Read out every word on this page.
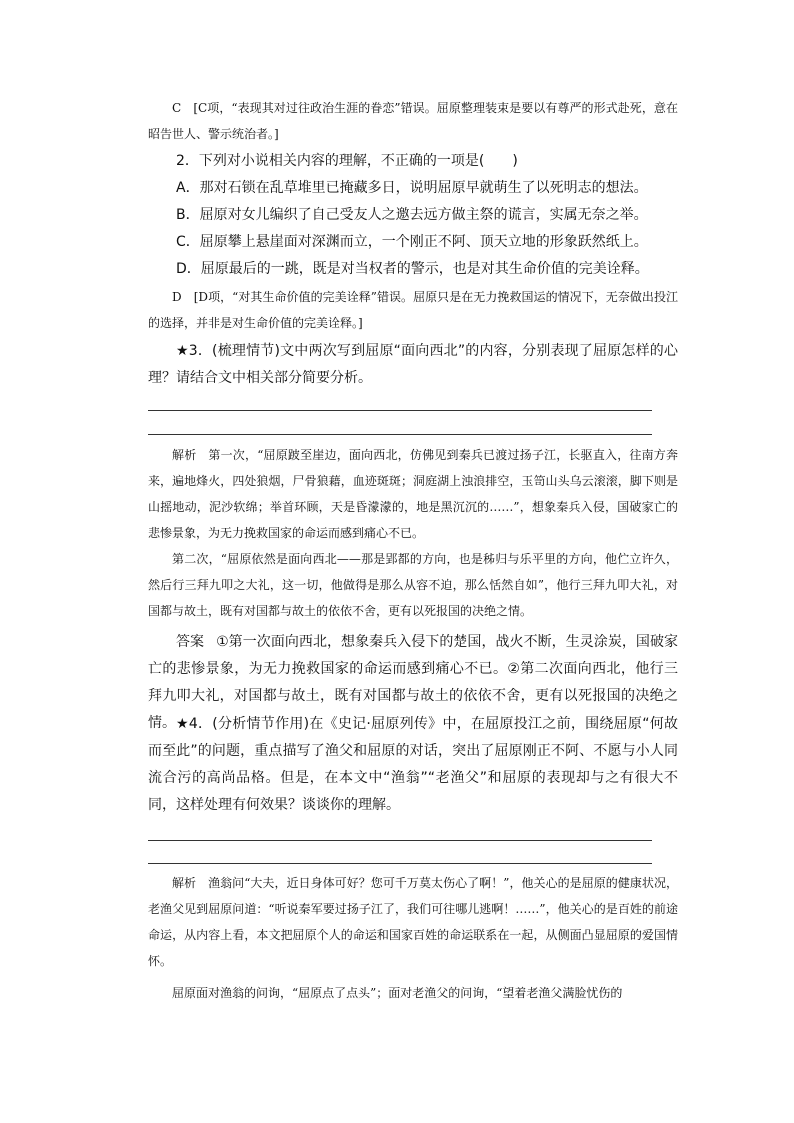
C　 [C项，“表现其对过往政治生涯的眷恋”错误。屈原整理装束是要以有尊严的形式赴死，意在昭告世人、警示统治者。]

2．下列对小说相关内容的理解，不正确的一项是(　　)

A．那对石锁在乱草堆里已掩藏多日，说明屈原早就萌生了以死明志的想法。

B．屈原对女儿编织了自己受友人之邀去远方做主祭的谎言，实属无奈之举。

C．屈原攀上悬崖面对深渊而立，一个刚正不阿、顶天立地的形象跃然纸上。

D．屈原最后的一跳，既是对当权者的警示，也是对其生命价值的完美诠释。

D　 [D项，“对其生命价值的完美诠释”错误。屈原只是在无力挽救国运的情况下，无奈做出投江的选择，并非是对生命价值的完美诠释。]

★3．(梳理情节)文中两次写到屈原“面向西北”的内容，分别表现了屈原怎样的心理？请结合文中相关部分简要分析。

解析 第一次，“屈原跛至崖边，面向西北，仿佛见到秦兵已渡过扬子江，长驱直入，往南方奔来，遍地烽火，四处狼烟，尸骨狼藉，血迹斑斑；洞庭湖上浊浪排空，玉笥山头乌云滚滚，脚下则是山摇地动，泥沙软绵；举首环顾，天是昏濛濛的，地是黑沉沉的……”，想象秦兵入侵，国破家亡的悲惨景象，为无力挽救国家的命运而感到痛心不已。

第二次，“屈原依然是面向西北——那是郢都的方向，也是秭归与乐平里的方向，他伫立许久，然后行三拜九叩之大礼，这一切，他做得是那么从容不迫，那么恬然自如”，他行三拜九叩大礼，对国都与故土，既有对国都与故土的依依不舍，更有以死报国的决绝之情。

答案 ①第一次面向西北，想象秦兵入侵下的楚国，战火不断，生灵涂炭，国破家亡的悲惨景象，为无力挽救国家的命运而感到痛心不已。②第二次面向西北，他行三拜九叩大礼，对国都与故土，既有对国都与故土的依依不舍，更有以死报国的决绝之情。 ★4．(分析情节作用)在《史记·屈原列传》中，在屈原投江之前，围绕屈原“何故而至此”的问题，重点描写了渔父和屈原的对话，突出了屈原刚正不阿、不愿与小人同流合污的高尚品格。但是，在本文中“渔翁”“老渔父”和屈原的表现却与之有很大不同，这样处理有何效果？谈谈你的理解。

解析 渔翁问“大夫，近日身体可好？您可千万莫太伤心了啊！”，他关心的是屈原的健康状况，老渔父见到屈原问道：“听说秦军要过扬子江了，我们可往哪儿逃啊！……”，他关心的是百姓的前途命运，从内容上看，本文把屈原个人的命运和国家百姓的命运联系在一起，从侧面凸显屈原的爱国情怀。

屈原面对渔翁的问询，“屈原点了点头”；面对老渔父的问询，“望着老渔父满脸忧伤的
